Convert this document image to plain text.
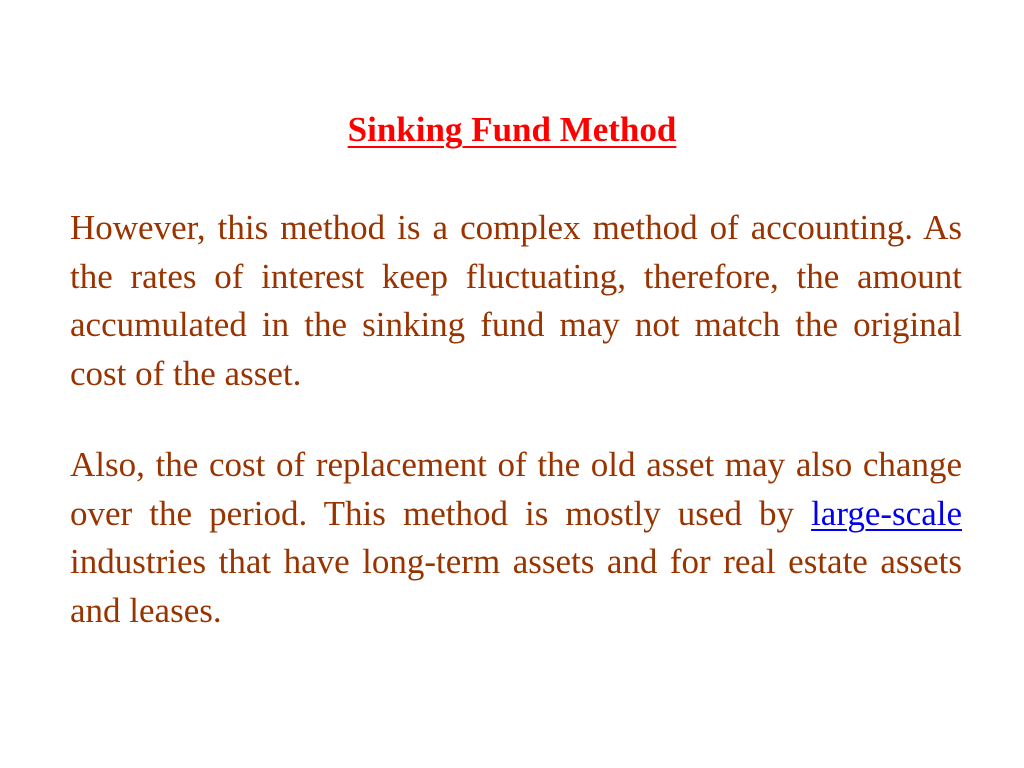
Sinking Fund Method

However, this method is a complex method of accounting. As the rates of interest keep fluctuating, therefore, the amount accumulated in the sinking fund may not match the original cost of the asset.

Also, the cost of replacement of the old asset may also change over the period. This method is mostly used by large-scale industries that have long-term assets and for real estate assets and leases.
